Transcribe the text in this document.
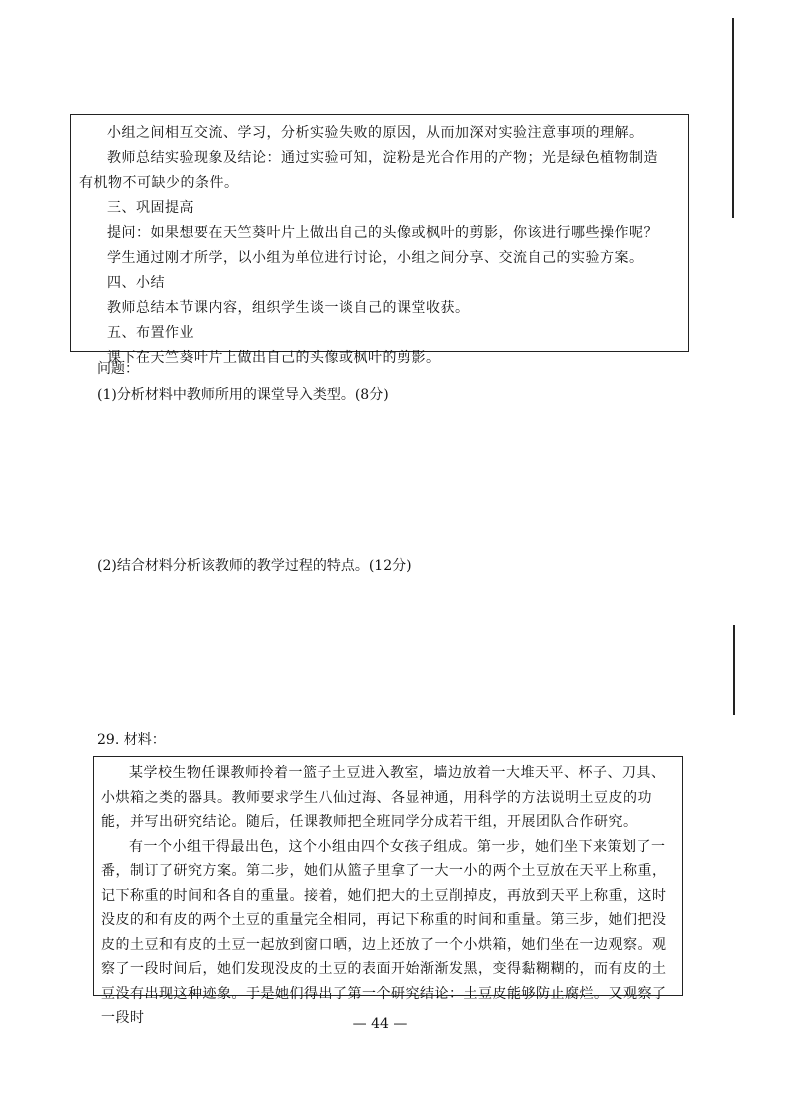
小组之间相互交流、学习，分析实验失败的原因，从而加深对实验注意事项的理解。

教师总结实验现象及结论：通过实验可知，淀粉是光合作用的产物；光是绿色植物制造

有机物不可缺少的条件。

三、巩固提高

提问：如果想要在天竺葵叶片上做出自己的头像或枫叶的剪影，你该进行哪些操作呢？

学生通过刚才所学，以小组为单位进行讨论，小组之间分享、交流自己的实验方案。

四、小结

教师总结本节课内容，组织学生谈一谈自己的课堂收获。

五、布置作业

课下在天竺葵叶片上做出自己的头像或枫叶的剪影。

问题：

(1)分析材料中教师所用的课堂导入类型。(8分)

(2)结合材料分析该教师的教学过程的特点。(12分)

29. 材料：

某学校生物任课教师拎着一篮子土豆进入教室，墙边放着一大堆天平、杯子、刀具、小烘箱之类的器具。教师要求学生八仙过海、各显神通，用科学的方法说明土豆皮的功能，并写出研究结论。随后，任课教师把全班同学分成若干组，开展团队合作研究。

有一个小组干得最出色，这个小组由四个女孩子组成。第一步，她们坐下来策划了一番，制订了研究方案。第二步，她们从篮子里拿了一大一小的两个土豆放在天平上称重，记下称重的时间和各自的重量。接着，她们把大的土豆削掉皮，再放到天平上称重，这时没皮的和有皮的两个土豆的重量完全相同，再记下称重的时间和重量。第三步，她们把没皮的土豆和有皮的土豆一起放到窗口晒，边上还放了一个小烘箱，她们坐在一边观察。观察了一段时间后，她们发现没皮的土豆的表面开始渐渐发黑，变得黏糊糊的，而有皮的土豆没有出现这种迹象。于是她们得出了第一个研究结论：土豆皮能够防止腐烂。又观察了一段时	— 44 —
